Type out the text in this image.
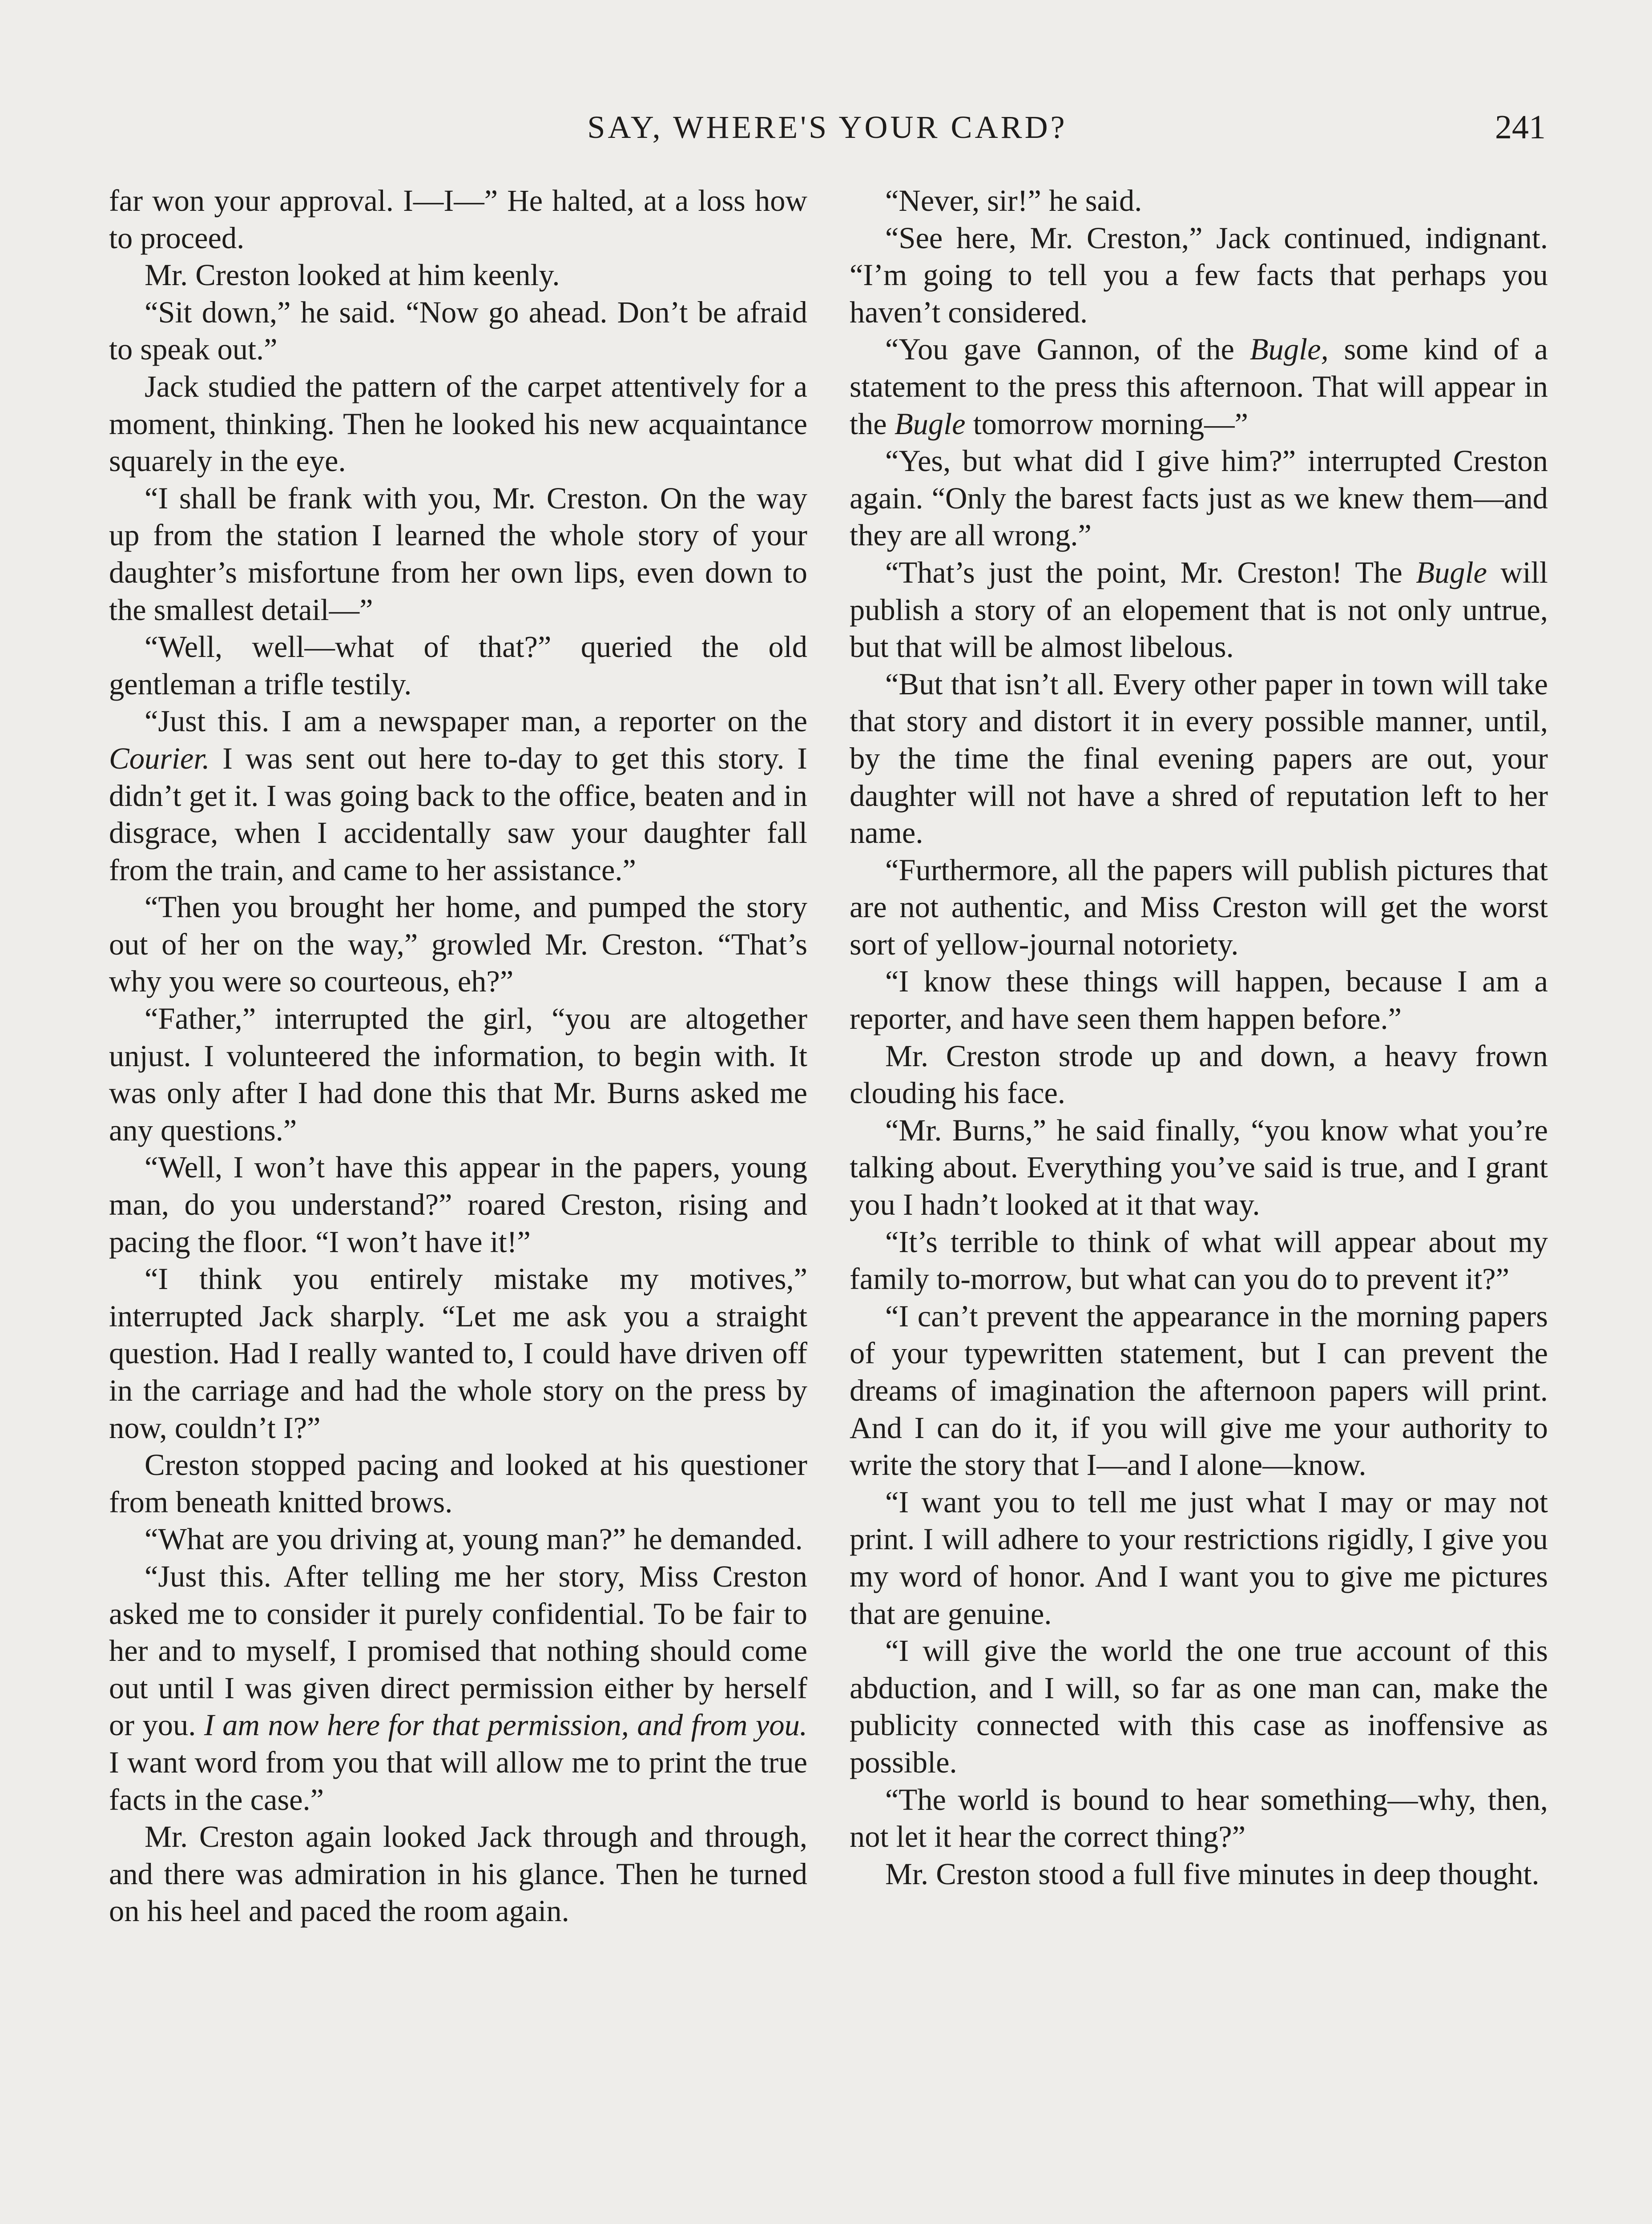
SAY, WHERE'S YOUR CARD?	241

far won your approval. I—I—” He halted, at a loss how to proceed.

Mr. Creston looked at him keenly.

“Sit down,” he said. “Now go ahead. Don’t be afraid to speak out.”

Jack studied the pattern of the carpet attentively for a moment, thinking. Then he looked his new acquaintance squarely in the eye.

“I shall be frank with you, Mr. Creston. On the way up from the station I learned the whole story of your daughter’s misfortune from her own lips, even down to the smallest detail—”

“Well, well—what of that?” queried the old gentleman a trifle testily.

“Just this. I am a newspaper man, a reporter on the Courier. I was sent out here to-day to get this story. I didn’t get it. I was going back to the office, beaten and in disgrace, when I accidentally saw your daughter fall from the train, and came to her assistance.”

“Then you brought her home, and pumped the story out of her on the way,” growled Mr. Creston. “That’s why you were so courteous, eh?”

“Father,” interrupted the girl, “you are altogether unjust. I volunteered the information, to begin with. It was only after I had done this that Mr. Burns asked me any questions.”

“Well, I won’t have this appear in the papers, young man, do you understand?” roared Creston, rising and pacing the floor. “I won’t have it!”

“I think you entirely mistake my motives,” interrupted Jack sharply. “Let me ask you a straight question. Had I really wanted to, I could have driven off in the carriage and had the whole story on the press by now, couldn’t I?”

Creston stopped pacing and looked at his questioner from beneath knitted brows.

“What are you driving at, young man?” he demanded.

“Just this. After telling me her story, Miss Creston asked me to consider it purely confidential. To be fair to her and to myself, I promised that nothing should come out until I was given direct permission either by herself or you. I am now here for that permission, and from you. I want word from you that will allow me to print the true facts in the case.”

Mr. Creston again looked Jack through and through, and there was admiration in his glance. Then he turned on his heel and paced the room again.

“Never, sir!” he said.

“See here, Mr. Creston,” Jack continued, indignant. “I’m going to tell you a few facts that perhaps you haven’t considered.

“You gave Gannon, of the Bugle, some kind of a statement to the press this afternoon. That will appear in the Bugle tomorrow morning—”

“Yes, but what did I give him?” interrupted Creston again. “Only the barest facts just as we knew them—and they are all wrong.”

“That’s just the point, Mr. Creston! The Bugle will publish a story of an elopement that is not only untrue, but that will be almost libelous.

“But that isn’t all. Every other paper in town will take that story and distort it in every possible manner, until, by the time the final evening papers are out, your daughter will not have a shred of reputation left to her name.

“Furthermore, all the papers will publish pictures that are not authentic, and Miss Creston will get the worst sort of yellow-journal notoriety.

“I know these things will happen, because I am a reporter, and have seen them happen before.”

Mr. Creston strode up and down, a heavy frown clouding his face.

“Mr. Burns,” he said finally, “you know what you’re talking about. Everything you’ve said is true, and I grant you I hadn’t looked at it that way.

“It’s terrible to think of what will appear about my family to-morrow, but what can you do to prevent it?”

“I can’t prevent the appearance in the morning papers of your typewritten statement, but I can prevent the dreams of imagination the afternoon papers will print. And I can do it, if you will give me your authority to write the story that I—and I alone—know.

“I want you to tell me just what I may or may not print. I will adhere to your restrictions rigidly, I give you my word of honor. And I want you to give me pictures that are genuine.

“I will give the world the one true account of this abduction, and I will, so far as one man can, make the publicity connected with this case as inoffensive as possible.

“The world is bound to hear something—why, then, not let it hear the correct thing?”

Mr. Creston stood a full five minutes in deep thought.
